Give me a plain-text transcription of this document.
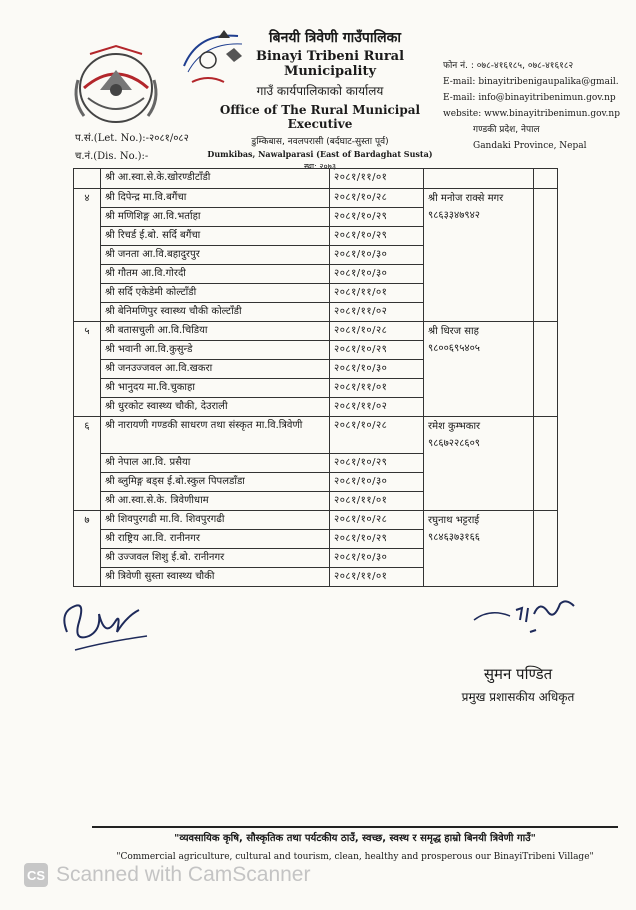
बिनयी त्रिवेणी गाउँपालिका
Binayi Tribeni Rural Municipality
गाउँ कार्यपालिकाको कार्यालय
Office of The Rural Municipal Executive
डुम्किबास, नवलपरासी (बर्दघाट-सुस्ता पूर्व)
Dumkibas, Nawalparasi (East of Bardaghat Susta)
स्था: २०७३
फोन नं. : ०७८-४१६१८५, ०७८-४१६१८२
E-mail: binayitribenigaupalika@gmail.
E-mail: info@binayitribenimun.gov.np
website: www.binayitribenimun.gov.np
गण्डकी प्रदेश, नेपाल
Gandaki Province, Nepal
प.सं.(Let. No.):-२०८१/०८२
च.नं.(Dis. No.):-
	श्री आ.स्वा.से.के.खोरण्डीटाँडी	२०८१/११/०१		
४	श्री दिपेन्द्र मा.वि.बगैंचा	२०८१/१०/२८	श्री मनोज राक्से मगर
९८६३३४७९४२	
	श्री मणिशिङ्ग आ.वि.भर्ताहा	२०८१/१०/२९		
	श्री रिचर्ड ई.बो. सर्दि बगैंचा	२०८१/१०/२९		
	श्री जनता आ.वि.बहादुरपुर	२०८१/१०/३०		
	श्री गौतम आ.वि.गोरदी	२०८१/१०/३०		
	श्री सर्दि एकेडेमी कोल्टाँडी	२०८१/११/०१		
	श्री बेनिमणिपुर स्वास्थ्य चौकी कोल्टाँडी	२०८१/११/०२		
५	श्री बतासचुली आ.वि.चिडिया	२०८१/१०/२८	श्री धिरज साह
९८००६९५४०५	
	श्री भवानी आ.वि.कुसुन्डे	२०८१/१०/२९		
	श्री जनउज्जवल आ.वि.खकरा	२०८१/१०/३०		
	श्री भानुदय मा.वि.चुकाहा	२०८१/११/०१		
	श्री धुरकोट स्वास्थ्य चौकी, देउराली	२०८१/११/०२		
६	श्री नारायणी गण्डकी साधरण तथा संस्कृत मा.वि.त्रिवेणी	२०८१/१०/२८	रमेश कुम्भकार
९८६७२२८६०९	
	श्री नेपाल आ.वि. प्रसैया	२०८१/१०/२९		
	श्री ब्लुमिङ्ग बड्स ई.बो.स्कुल पिपलडाँडा	२०८१/१०/३०		
	श्री आ.स्वा.से.के. त्रिवेणीधाम	२०८१/११/०१		
७	श्री शिवपुरगढी मा.वि. शिवपुरगढी	२०८१/१०/२८	रघुनाथ भट्टराई
९८४६३७३१६६	
	श्री राष्ट्रिय आ.वि. रानीनगर	२०८१/१०/२९		
	श्री उज्जवल शिशु ई.बो. रानीनगर	२०८१/१०/३०		
	श्री त्रिवेणी सुस्ता स्वास्थ्य चौकी	२०८१/११/०१		
सुमन पण्डित
प्रमुख प्रशासकीय अधिकृत
"व्यवसायिक कृषि, सौस्कृतिक तथा पर्यटकीय ठाउँ, स्वच्छ, स्वस्थ र समृद्ध हाम्रो बिनयी त्रिवेणी गाउँ"
"Commercial agriculture, cultural and tourism, clean, healthy and prosperous our BinayiTribeni Village"
CS Scanned with CamScanner
